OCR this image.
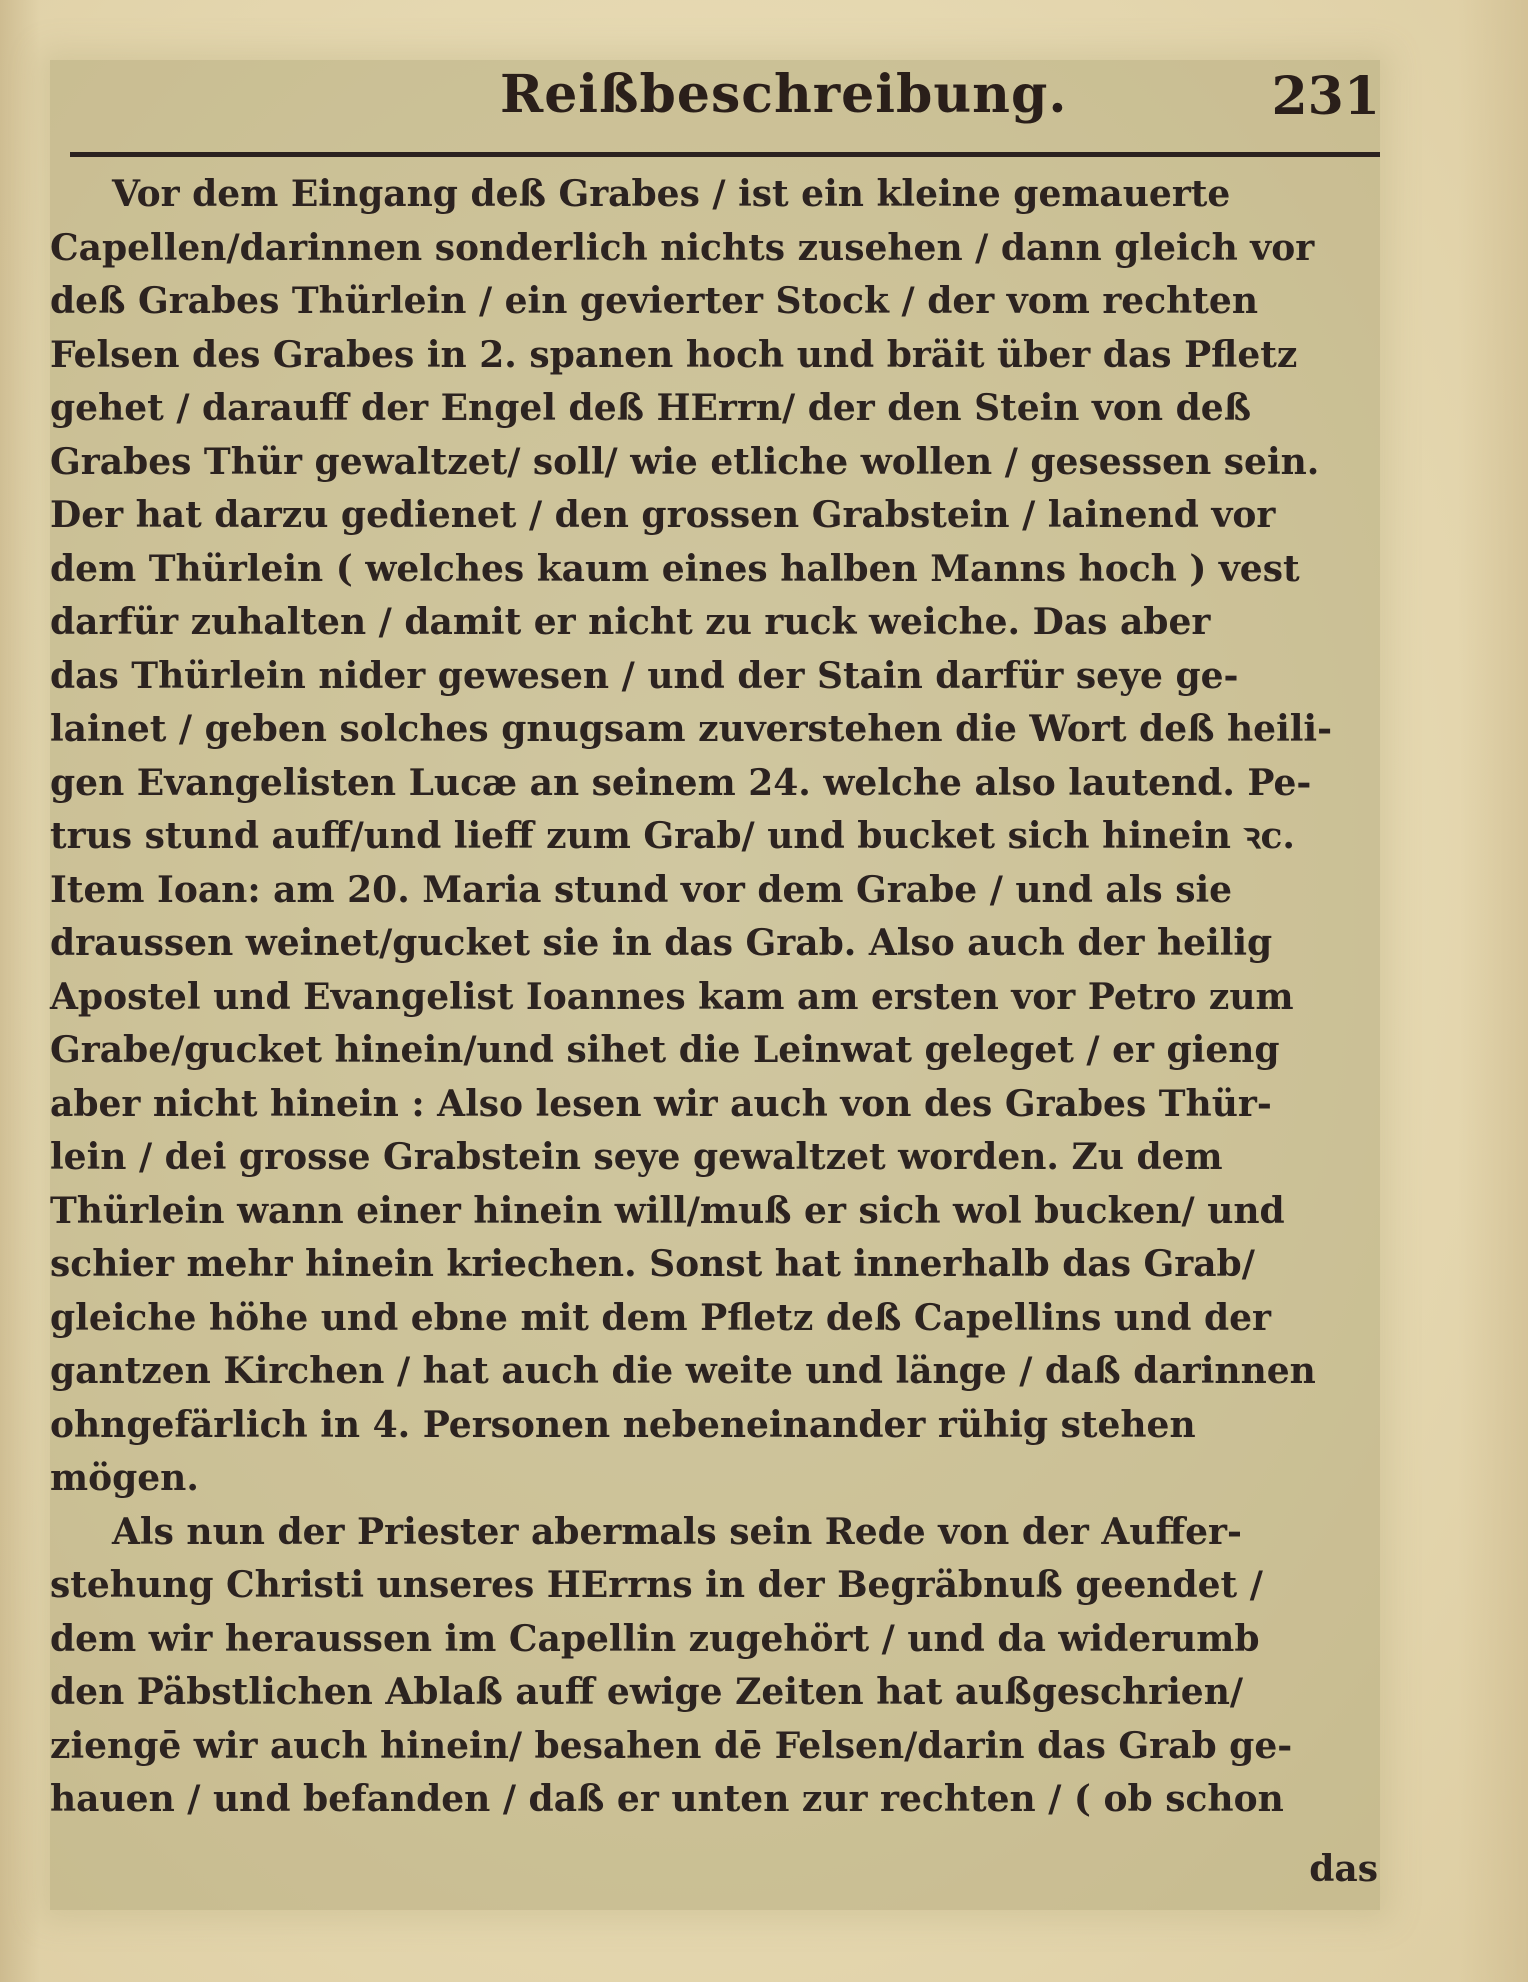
Reißbeschreibung.	231
Vor dem Eingang deß Grabes / ist ein kleine gemauerte
Capellen/darinnen sonderlich nichts zusehen / dann gleich vor
deß Grabes Thürlein / ein gevierter Stock / der vom rechten
Felsen des Grabes in 2. spanen hoch und bräit über das Pfletz
gehet / darauff der Engel deß HErrn/ der den Stein von deß
Grabes Thür gewaltzet/ soll/ wie etliche wollen / gesessen sein.
Der hat darzu gedienet / den grossen Grabstein / lainend vor
dem Thürlein ( welches kaum eines halben Manns hoch ) vest
darfür zuhalten / damit er nicht zu ruck weiche. Das aber
das Thürlein nider gewesen / und der Stain darfür seye ge-
lainet / geben solches gnugsam zuverstehen die Wort deß heili-
gen Evangelisten Lucæ an seinem 24. welche also lautend. Pe-
trus stund auff/und lieff zum Grab/ und bucket sich hinein ꝛc.
Item Ioan: am 20. Maria stund vor dem Grabe / und als sie
draussen weinet/gucket sie in das Grab. Also auch der heilig
Apostel und Evangelist Ioannes kam am ersten vor Petro zum
Grabe/gucket hinein/und sihet die Leinwat geleget / er gieng
aber nicht hinein : Also lesen wir auch von des Grabes Thür-
lein / dei grosse Grabstein seye gewaltzet worden. Zu dem
Thürlein wann einer hinein will/muß er sich wol bucken/ und
schier mehr hinein kriechen. Sonst hat innerhalb das Grab/
gleiche höhe und ebne mit dem Pfletz deß Capellins und der
gantzen Kirchen / hat auch die weite und länge / daß darinnen
ohngefärlich in 4. Personen nebeneinander rühig stehen
mögen.
Als nun der Priester abermals sein Rede von der Auffer-
stehung Christi unseres HErrns in der Begräbnuß geendet /
dem wir heraussen im Capellin zugehört / und da widerumb
den Päbstlichen Ablaß auff ewige Zeiten hat außgeschrien/
ziengē wir auch hinein/ besahen dē Felsen/darin das Grab ge-
hauen / und befanden / daß er unten zur rechten / ( ob schon
das
